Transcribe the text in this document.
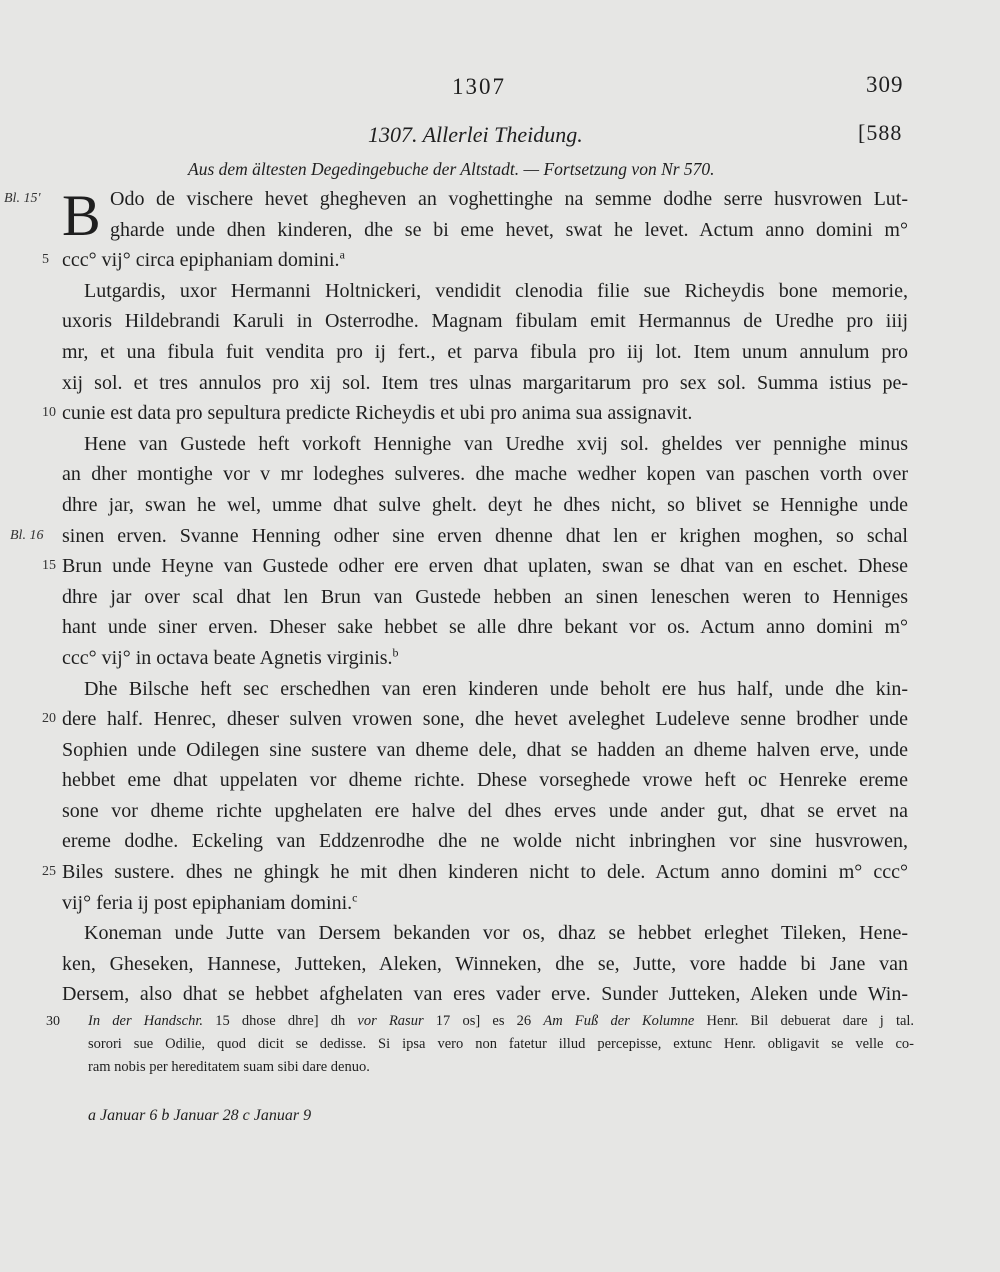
1307	309
1307. Allerlei Theidung.	[588
Aus dem ältesten Degedingebuche der Altstadt. — Fortsetzung von Nr 570.
B
Bl. 15'	Odo de vischere hevet ghegheven an voghettinghe na semme dodhe serre husvrowen Lut-
gharde unde dhen kinderen, dhe se bi eme hevet, swat he levet. Actum anno domini m°
5 ccc° vij° circa epiphaniam domini.$^a$
Lutgardis, uxor Hermanni Holtnickeri, vendidit clenodia filie sue Richeydis bone memorie,
uxoris Hildebrandi Karuli in Osterrodhe. Magnam fibulam emit Hermannus de Uredhe pro iiij
mr, et una fibula fuit vendita pro ij fert., et parva fibula pro iij lot. Item unum annulum pro
xij sol. et tres annulos pro xij sol. Item tres ulnas margaritarum pro sex sol. Summa istius pe-
10 cunie est data pro sepultura predicte Richeydis et ubi pro anima sua assignavit.
Hene van Gustede heft vorkoft Hennighe van Uredhe xvij sol. gheldes ver pennighe minus
an dher montighe vor v mr lodeghes sulveres. dhe mache wedher kopen van paschen vorth over
dhre jar, swan he wel, umme dhat sulve ghelt. deyt he dhes nicht, so blivet se Hennighe unde
Bl. 16 sinen erven. Svanne Henning odher sine erven dhenne dhat len er krighen moghen, so schal
15 Brun unde Heyne van Gustede odher ere erven dhat uplaten, swan se dhat van en eschet. Dhese
dhre jar over scal dhat len Brun van Gustede hebben an sinen leneschen weren to Henniges
hant unde siner erven. Dheser sake hebbet se alle dhre bekant vor os. Actum anno domini m°
ccc° vij° in octava beate Agnetis virginis.$^b$
Dhe Bilsche heft sec erschedhen van eren kinderen unde beholt ere hus half, unde dhe kin-
20 dere half. Henrec, dheser sulven vrowen sone, dhe hevet aveleghet Ludeleve senne brodher unde
Sophien unde Odilegen sine sustere van dheme dele, dhat se hadden an dheme halven erve, unde
hebbet eme dhat uppelaten vor dheme richte. Dhese vorseghede vrowe heft oc Henreke ereme
sone vor dheme richte upghelaten ere halve del dhes erves unde ander gut, dhat se ervet na
ereme dodhe. Eckeling van Eddzenrodhe dhe ne wolde nicht inbringhen vor sine husvrowen,
25 Biles sustere. dhes ne ghingk he mit dhen kinderen nicht to dele. Actum anno domini m° ccc°
vij° feria ij post epiphaniam domini.$^c$
Koneman unde Jutte van Dersem bekanden vor os, dhaz se hebbet erleghet Tileken, Hene-
ken, Gheseken, Hannese, Jutteken, Aleken, Winneken, dhe se, Jutte, vore hadde bi Jane van
Dersem, also dhat se hebbet afghelaten van eres vader erve. Sunder Jutteken, Aleken unde Win-
30 In der Handschr. 15 dhose dhre] dh vor Rasur 17 os] es 26 Am Fuß der Kolumne Henr. Bil debuerat dare j tal.
sorori sue Odilie, quod dicit se dedisse. Si ipsa vero non fatetur illud percepisse, extunc Henr. obligavit se velle co-
ram nobis per hereditatem suam sibi dare denuo.
a Januar 6 b Januar 28 c Januar 9
